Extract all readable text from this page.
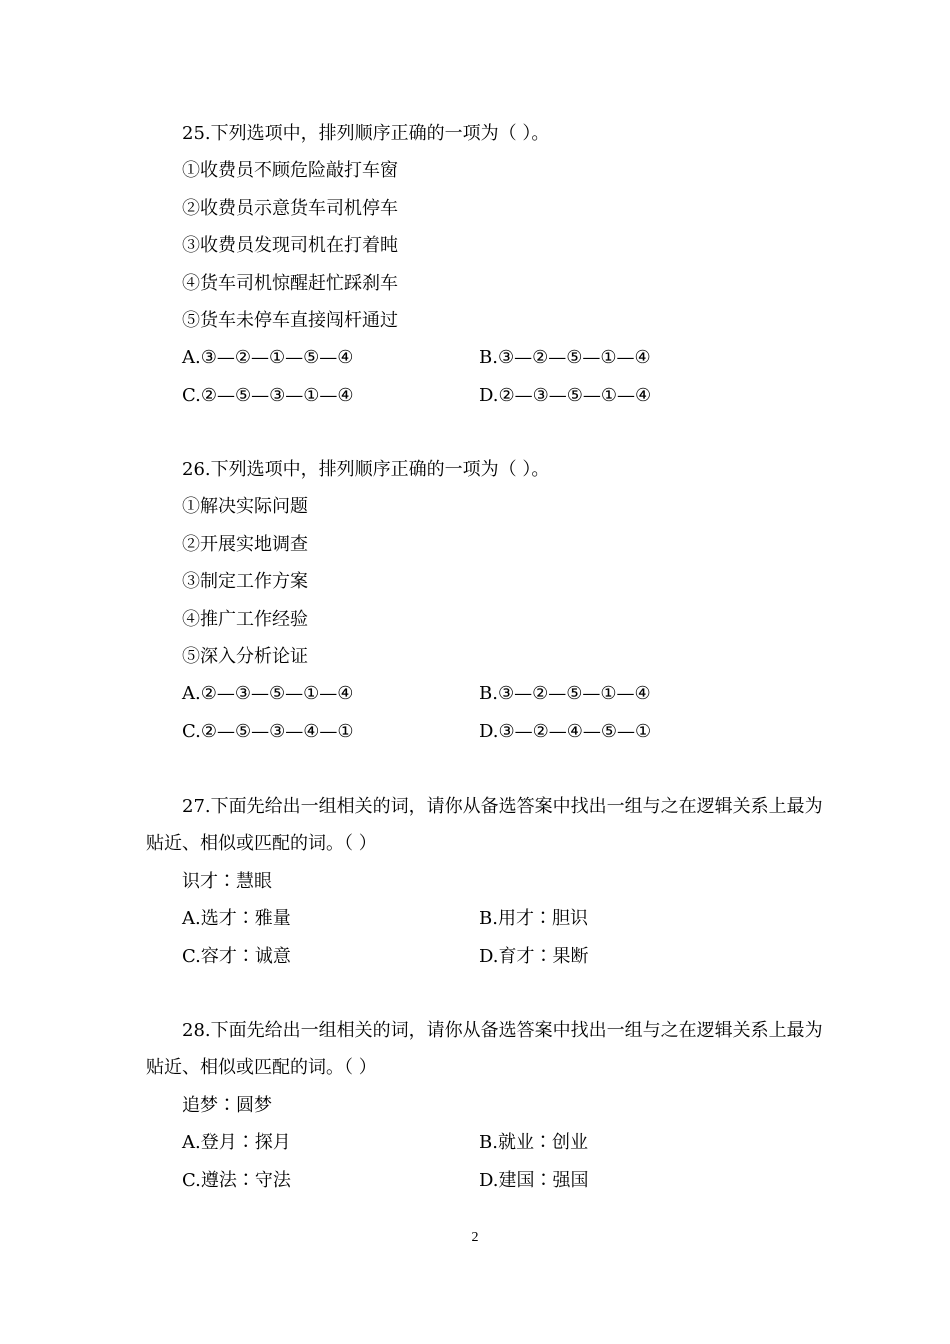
25.下列选项中，排列顺序正确的一项为（ ）。
①收费员不顾危险敲打车窗
②收费员示意货车司机停车
③收费员发现司机在打着盹
④货车司机惊醒赶忙踩刹车
⑤货车未停车直接闯杆通过
A.③—②—①—⑤—④	B.③—②—⑤—①—④
C.②—⑤—③—①—④	D.②—③—⑤—①—④
26.下列选项中，排列顺序正确的一项为（ ）。
①解决实际问题
②开展实地调查
③制定工作方案
④推广工作经验
⑤深入分析论证
A.②—③—⑤—①—④	B.③—②—⑤—①—④
C.②—⑤—③—④—①	D.③—②—④—⑤—①

27.下面先给出一组相关的词，请你从备选答案中找出一组与之在逻辑关系上最为贴近、相似或匹配的词。（ ）

识才∶慧眼
A.选才∶雅量	B.用才∶胆识
C.容才∶诚意	D.育才∶果断

28.下面先给出一组相关的词，请你从备选答案中找出一组与之在逻辑关系上最为贴近、相似或匹配的词。（ ）

追梦∶圆梦
A.登月∶探月	B.就业∶创业
C.遵法∶守法	D.建国∶强国
2
